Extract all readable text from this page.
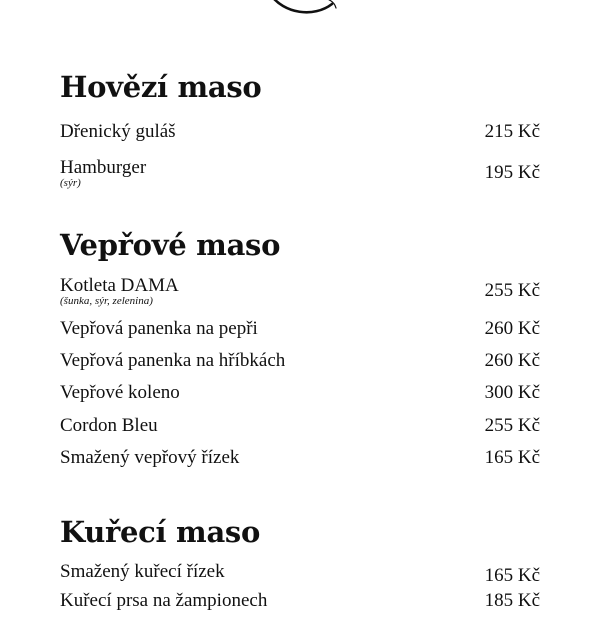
Hovězí maso
Dřenický guláš	215 Kč
Hamburger
(sýr)	195 Kč
Vepřové maso
Kotleta DAMA
(šunka, sýr, zelenina)	255 Kč
Vepřová panenka na pepři	260 Kč
Vepřová panenka na hříbkách	260 Kč
Vepřové koleno	300 Kč
Cordon Bleu	255 Kč
Smažený vepřový řízek	165 Kč
Kuřecí maso
Smažený kuřecí řízek	165 Kč
Kuřecí prsa na žampionech	185 Kč
